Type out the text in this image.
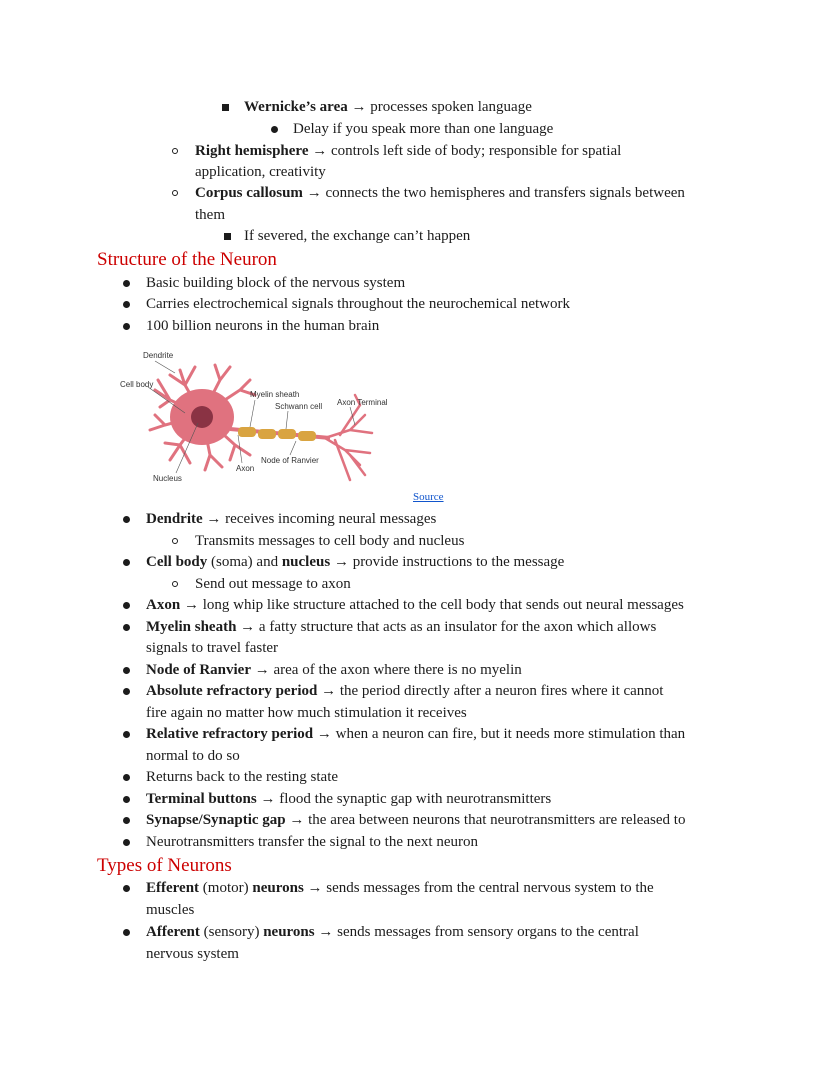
Wernicke’s area → processes spoken language
Delay if you speak more than one language
Right hemisphere → controls left side of body; responsible for spatial
application, creativity
Corpus callosum → connects the two hemispheres and transfers signals between
them
If severed, the exchange can’t happen
Structure of the Neuron
Basic building block of the nervous system
Carries electrochemical signals throughout the neurochemical network
100 billion neurons in the human brain
Dendrite
Cell body
Myelin sheath
Schwann cell Axon Terminal
Node of Ranvier
Axon
Nucleus
Source
Dendrite → receives incoming neural messages
Transmits messages to cell body and nucleus
Cell body (soma) and nucleus → provide instructions to the message
Send out message to axon
Axon → long whip like structure attached to the cell body that sends out neural messages
Myelin sheath → a fatty structure that acts as an insulator for the axon which allows
signals to travel faster
Node of Ranvier → area of the axon where there is no myelin
Absolute refractory period → the period directly after a neuron fires where it cannot
fire again no matter how much stimulation it receives
Relative refractory period → when a neuron can fire, but it needs more stimulation than
normal to do so
Returns back to the resting state
Terminal buttons → flood the synaptic gap with neurotransmitters
Synapse/Synaptic gap → the area between neurons that neurotransmitters are released to
Neurotransmitters transfer the signal to the next neuron
Types of Neurons
Efferent (motor) neurons → sends messages from the central nervous system to the
muscles
Afferent (sensory) neurons → sends messages from sensory organs to the central
nervous system
